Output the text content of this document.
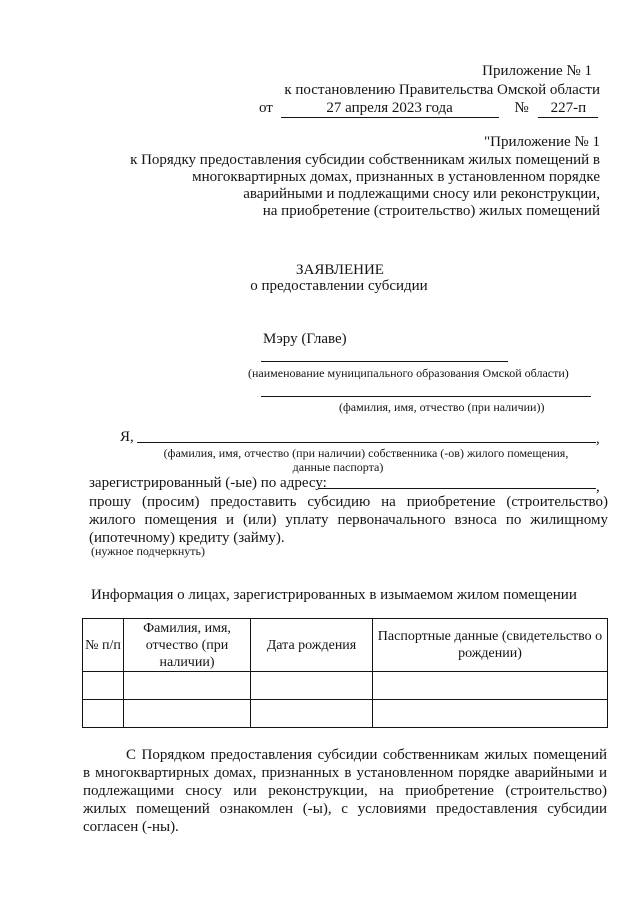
Приложение № 1
к постановлению Правительства Омской области
от	27 апреля 2023 года	№ 227-п
"Приложение № 1
к Порядку предоставления субсидии собственникам жилых помещений в
многоквартирных домах, признанных в установленном порядке
аварийными и подлежащими сносу или реконструкции,
на приобретение (строительство) жилых помещений
ЗАЯВЛЕНИЕ
о предоставлении субсидии
Мэру (Главе)
(наименование муниципального образования Омской области)
(фамилия, имя, отчество (при наличии))
Я,	,
(фамилия, имя, отчество (при наличии) собственника (-ов) жилого помещения,
данные паспорта)
зарегистрированный (-ые) по адресу:	,
прошу (просим) предоставить субсидию на приобретение (строительство) жилого помещения и (или) уплату первоначального взноса по жилищному (ипотечному) кредиту (займу).
(нужное подчеркнуть)
Информация о лицах, зарегистрированных в изымаемом жилом помещении
№ п/п	Фамилия, имя, отчество (при наличии)	Дата рождения	Паспортные данные (свидетельство о рождении)

С Порядком предоставления субсидии собственникам жилых помещений в многоквартирных домах, признанных в установленном порядке аварийными и подлежащими сносу или реконструкции, на приобретение (строительство) жилых помещений ознакомлен (-ы), с условиями предоставления субсидии согласен (-ны).
